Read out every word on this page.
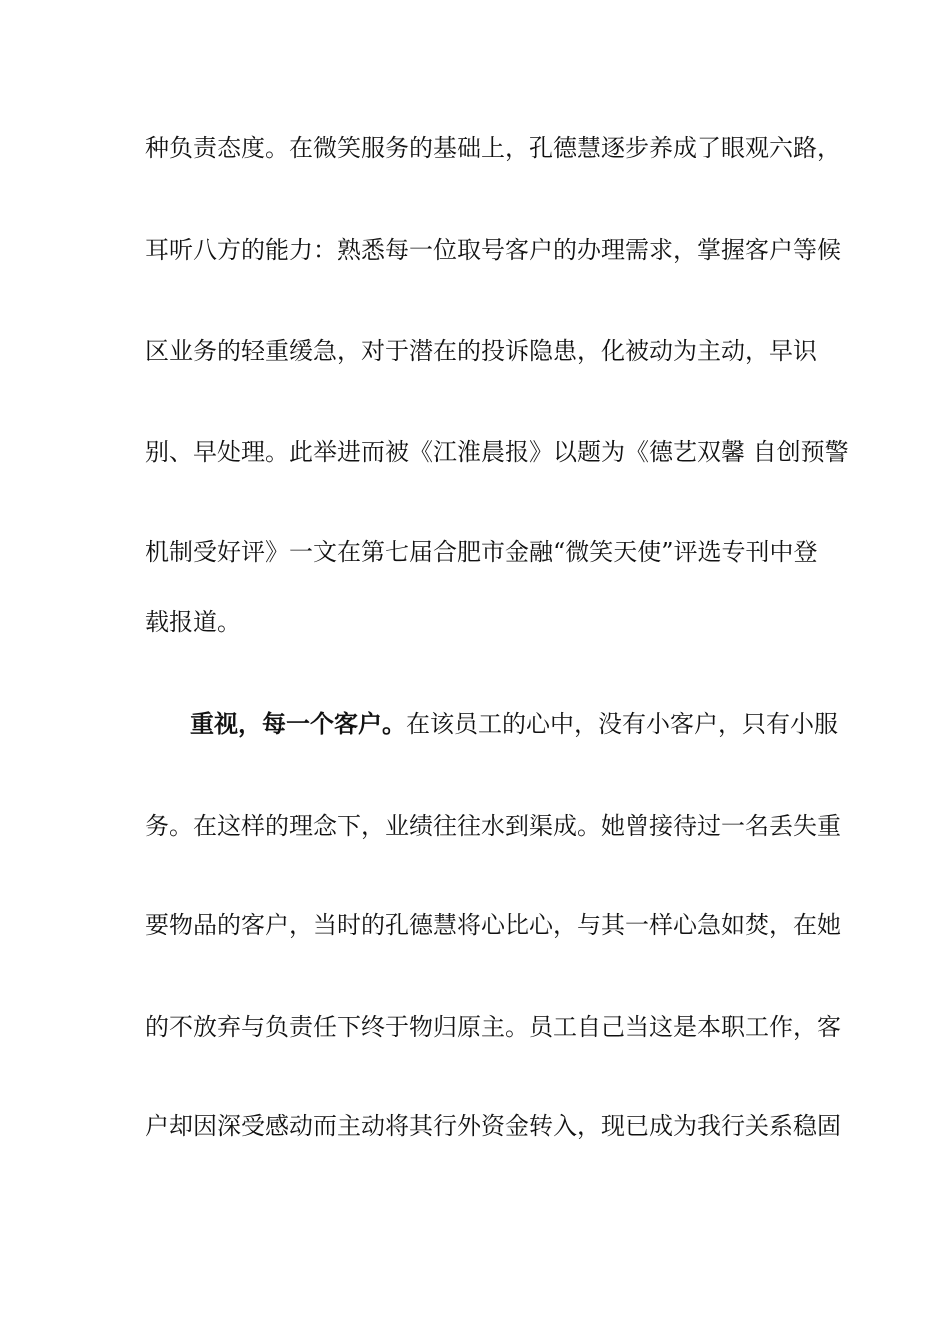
种负责态度。在微笑服务的基础上，孔德慧逐步养成了眼观六路，
耳听八方的能力：熟悉每一位取号客户的办理需求，掌握客户等候
区业务的轻重缓急，对于潜在的投诉隐患，化被动为主动，早识
别、早处理。此举进而被《江淮晨报》以题为《德艺双馨 自创预警
机制受好评》一文在第七届合肥市金融“微笑天使”评选专刊中登
载报道。
重视，每一个客户。在该员工的心中，没有小客户，只有小服
务。在这样的理念下，业绩往往水到渠成。她曾接待过一名丢失重
要物品的客户，当时的孔德慧将心比心，与其一样心急如焚，在她
的不放弃与负责任下终于物归原主。员工自己当这是本职工作，客
户却因深受感动而主动将其行外资金转入，现已成为我行关系稳固
